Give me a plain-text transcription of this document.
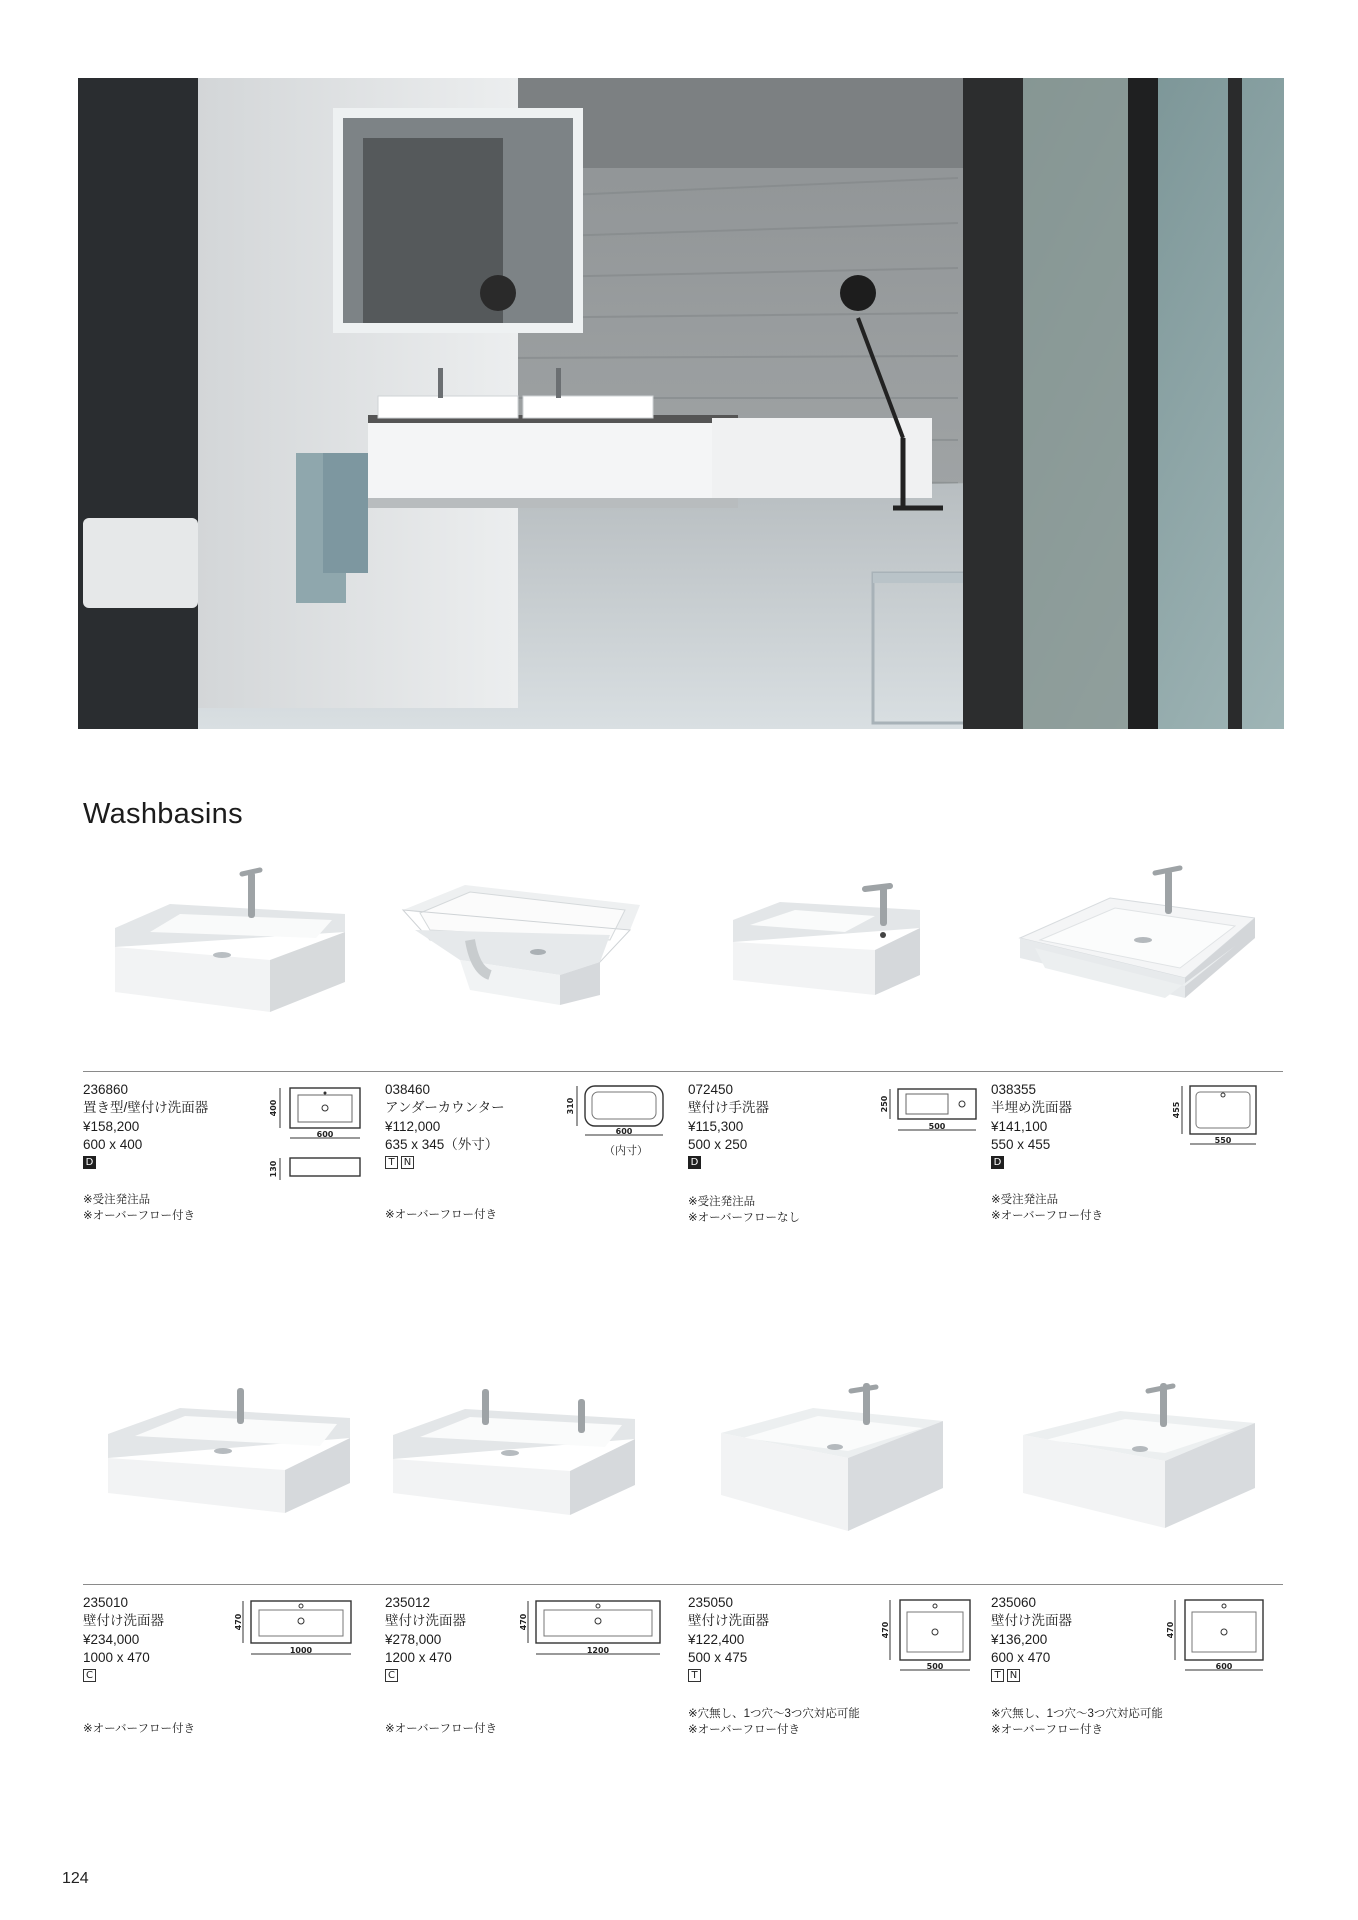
Washbasins
236860
置き型/壁付け洗面器
¥158,200
600 x 400
D
※受注発注品
※オーバーフロー付き
400
600
130
038460
アンダーカウンター
¥112,000
635 x 345（外寸）
T N
※オーバーフロー付き
310
600
（内寸）
072450
壁付け手洗器
¥115,300
500 x 250
D
※受注発注品
※オーバーフローなし
250
500
038355
半埋め洗面器
¥141,100
550 x 455
D
※受注発注品
※オーバーフロー付き
455
550
235010
壁付け洗面器
¥234,000
1000 x 470
C
※オーバーフロー付き
470
1000
235012
壁付け洗面器
¥278,000
1200 x 470
C
※オーバーフロー付き
470
1200
235050
壁付け洗面器
¥122,400
500 x 475
T
※穴無し、1つ穴〜3つ穴対応可能
※オーバーフロー付き
470
500
235060
壁付け洗面器
¥136,200
600 x 470
T N
※穴無し、1つ穴〜3つ穴対応可能
※オーバーフロー付き
470
600
124
